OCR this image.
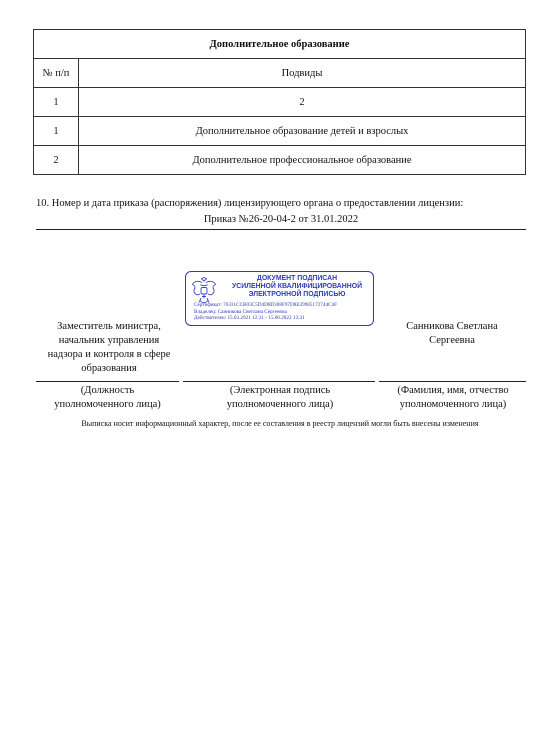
Дополнительное образование	
№ п/п	Подвиды
1	2
1	Дополнительное образование детей и взрослых
2	Дополнительное профессиональное образование
10. Номер и дата приказа (распоряжения) лицензирующего органа о предоставлении лицензии:
Приказ №26-20-04-2 от 31.01.2022
ДОКУМЕНТ ПОДПИСАН
УСИЛЕННОЙ КВАЛИФИЦИРОВАННОЙ
ЭЛЕКТРОННОЙ ПОДПИСЬЮ
Сертификат: 76331CCB03C5D4D8D308F97D8E39985172744C4F
Владелец: Санникова Светлана Сергеевна
Действителен: 15.03.2021 12:31 - 15.06.2022 12:31
Заместитель министра,
начальник управления
надзора и контроля в сфере
образования
Санникова Светлана
Сергеевна
(Должность
уполномоченного лица)
(Электронная подпись
уполномоченного лица)
(Фамилия, имя, отчество
уполномоченного лица)
Выписка носит информационный характер, после ее составления в реестр лицензий могли быть внесены изменения
